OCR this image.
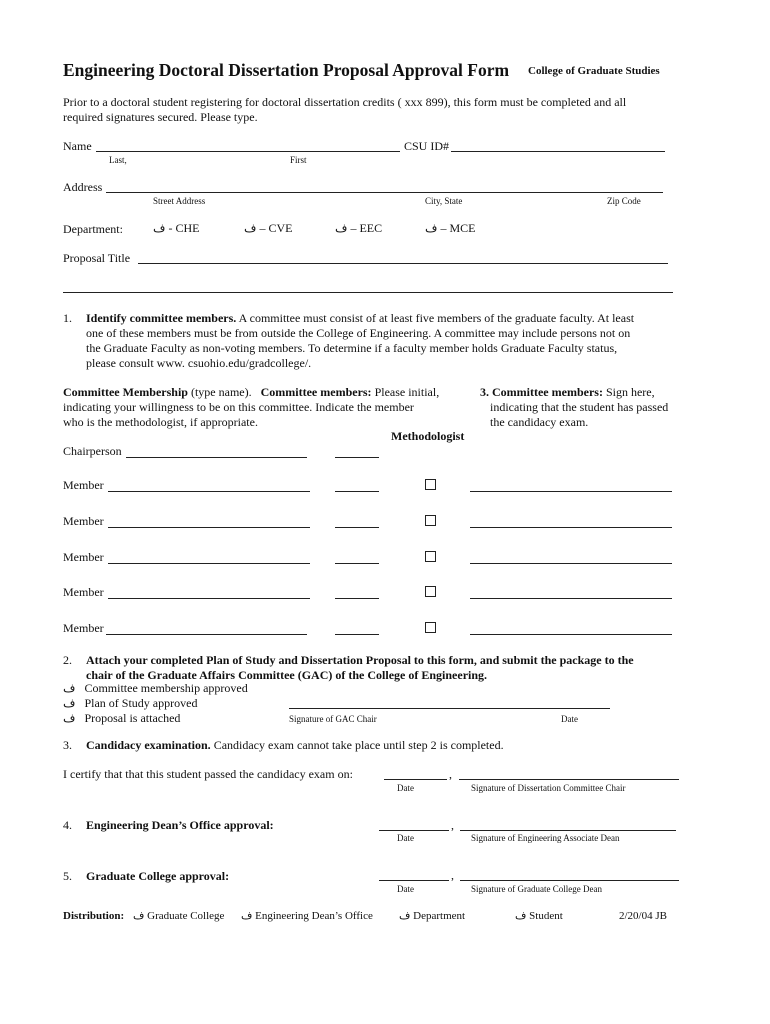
Engineering Doctoral Dissertation Proposal Approval Form College of Graduate Studies
Prior to a doctoral student registering for doctoral dissertation credits ( xxx 899), this form must be completed and all
required signatures secured. Please type.
Name	CSU ID#
Last,	First
Address
Street Address	City, State	Zip Code
Department:	ف - CHE	ف – CVE	ف – EEC	ف – MCE
Proposal Title
1. Identify committee members. A committee must consist of at least five members of the graduate faculty. At least
one of these members must be from outside the College of Engineering. A committee may include persons not on
the Graduate Faculty as non-voting members. To determine if a faculty member holds Graduate Faculty status,
please consult www. csuohio.edu/gradcollege/.
Committee Membership (type name). Committee members: Please initial,
indicating your willingness to be on this committee. Indicate the member
who is the methodologist, if appropriate.
3. Committee members: Sign here,
indicating that the student has passed
the candidacy exam.
Methodologist
Chairperson
Member
Member
Member
Member
Member
2. Attach your completed Plan of Study and Dissertation Proposal to this form, and submit the package to the
chair of the Graduate Affairs Committee (GAC) of the College of Engineering.
ف Committee membership approved
ف Plan of Study approved
ف Proposal is attached	Signature of GAC Chair	Date
3. Candidacy examination. Candidacy exam cannot take place until step 2 is completed.
I certify that that this student passed the candidacy exam on:	,
Date	Signature of Dissertation Committee Chair
4. Engineering Dean’s Office approval:	,
Date	Signature of Engineering Associate Dean
5. Graduate College approval:	,
Date	Signature of Graduate College Dean
Distribution: ف Graduate College ف Engineering Dean’s Office ف Department	ف Student	2/20/04 JB
